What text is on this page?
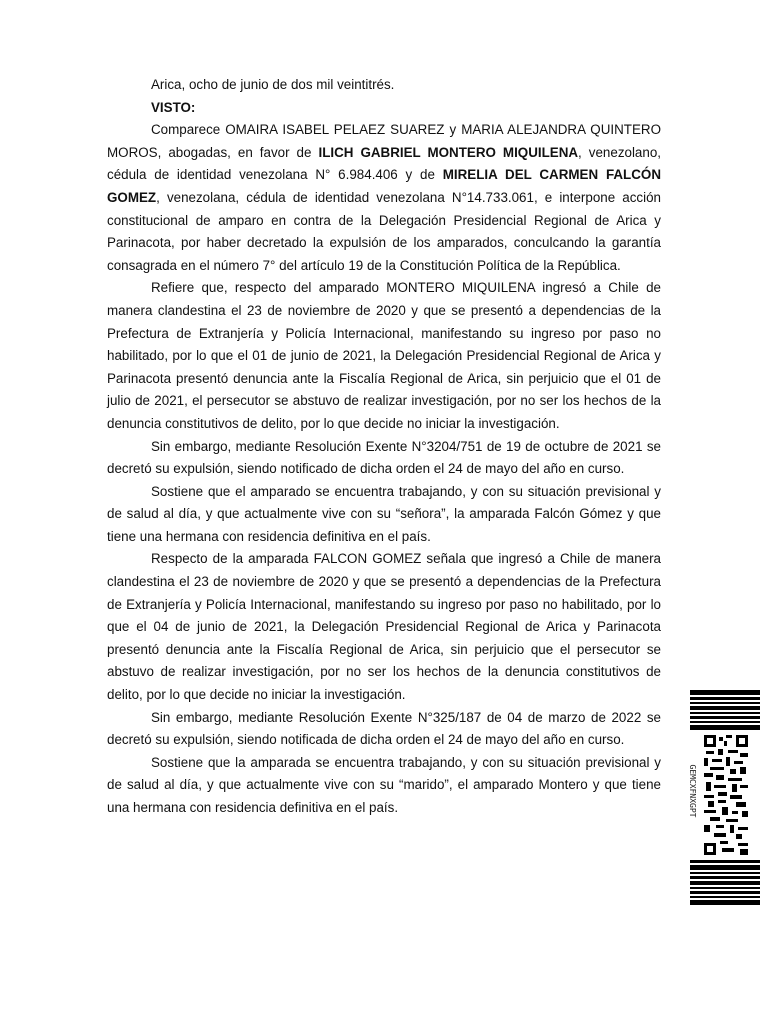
Arica, ocho de junio de dos mil veintitrés.

VISTO:

Comparece OMAIRA ISABEL PELAEZ SUAREZ y MARIA ALEJANDRA QUINTERO MOROS, abogadas, en favor de ILICH GABRIEL MONTERO MIQUILENA, venezolano, cédula de identidad venezolana N° 6.984.406 y de MIRELIA DEL CARMEN FALCÓN GOMEZ, venezolana, cédula de identidad venezolana N°14.733.061, e interpone acción constitucional de amparo en contra de la Delegación Presidencial Regional de Arica y Parinacota, por haber decretado la expulsión de los amparados, conculcando la garantía consagrada en el número 7° del artículo 19 de la Constitución Política de la República.

Refiere que, respecto del amparado MONTERO MIQUILENA ingresó a Chile de manera clandestina el 23 de noviembre de 2020 y que se presentó a dependencias de la Prefectura de Extranjería y Policía Internacional, manifestando su ingreso por paso no habilitado, por lo que el 01 de junio de 2021, la Delegación Presidencial Regional de Arica y Parinacota presentó denuncia ante la Fiscalía Regional de Arica, sin perjuicio que el 01 de julio de 2021, el persecutor se abstuvo de realizar investigación, por no ser los hechos de la denuncia constitutivos de delito, por lo que decide no iniciar la investigación.

Sin embargo, mediante Resolución Exente N°3204/751 de 19 de octubre de 2021 se decretó su expulsión, siendo notificado de dicha orden el 24 de mayo del año en curso.

Sostiene que el amparado se encuentra trabajando, y con su situación previsional y de salud al día, y que actualmente vive con su “señora”, la amparada Falcón Gómez y que tiene una hermana con residencia definitiva en el país.

Respecto de la amparada FALCON GOMEZ señala que ingresó a Chile de manera clandestina el 23 de noviembre de 2020 y que se presentó a dependencias de la Prefectura de Extranjería y Policía Internacional, manifestando su ingreso por paso no habilitado, por lo que el 04 de junio de 2021, la Delegación Presidencial Regional de Arica y Parinacota presentó denuncia ante la Fiscalía Regional de Arica, sin perjuicio que el persecutor se abstuvo de realizar investigación, por no ser los hechos de la denuncia constitutivos de delito, por lo que decide no iniciar la investigación.

Sin embargo, mediante Resolución Exente N°325/187 de 04 de marzo de 2022 se decretó su expulsión, siendo notificada de dicha orden el 24 de mayo del año en curso.

Sostiene que la amparada se encuentra trabajando, y con su situación previsional y de salud al día, y que actualmente vive con su “marido”, el amparado Montero y que tiene una hermana con residencia definitiva en el país.	GEMCXFNXGPT
